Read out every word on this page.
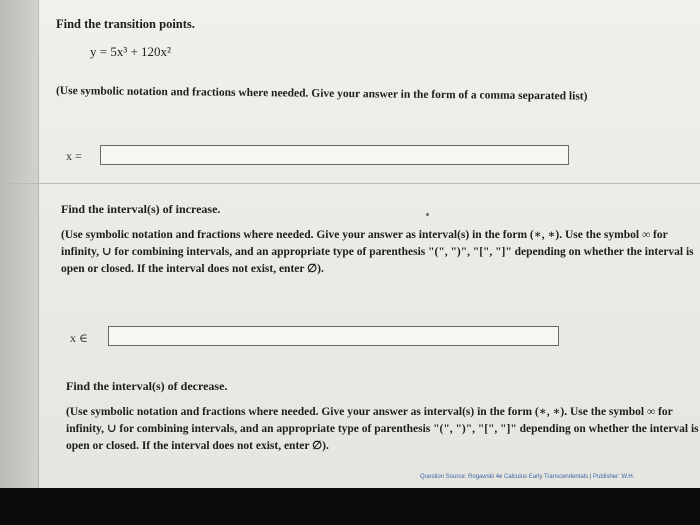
Find the transition points.
y = 5x³ + 120x²
(Use symbolic notation and fractions where needed. Give your answer in the form of a comma separated list)
x =
Find the interval(s) of increase.
(Use symbolic notation and fractions where needed. Give your answer as interval(s) in the form (∗, ∗). Use the symbol ∞ for
infinity, ∪ for combining intervals, and an appropriate type of parenthesis "(", ")", "[", "]" depending on whether the interval is
open or closed. If the interval does not exist, enter ∅).
x ∈
Find the interval(s) of decrease.
(Use symbolic notation and fractions where needed. Give your answer as interval(s) in the form (∗, ∗). Use the symbol ∞ for
infinity, ∪ for combining intervals, and an appropriate type of parenthesis "(", ")", "[", "]" depending on whether the interval is
open or closed. If the interval does not exist, enter ∅).
Question Source: Rogawski 4e Calculus Early Transcendentals | Publisher: W.H.
